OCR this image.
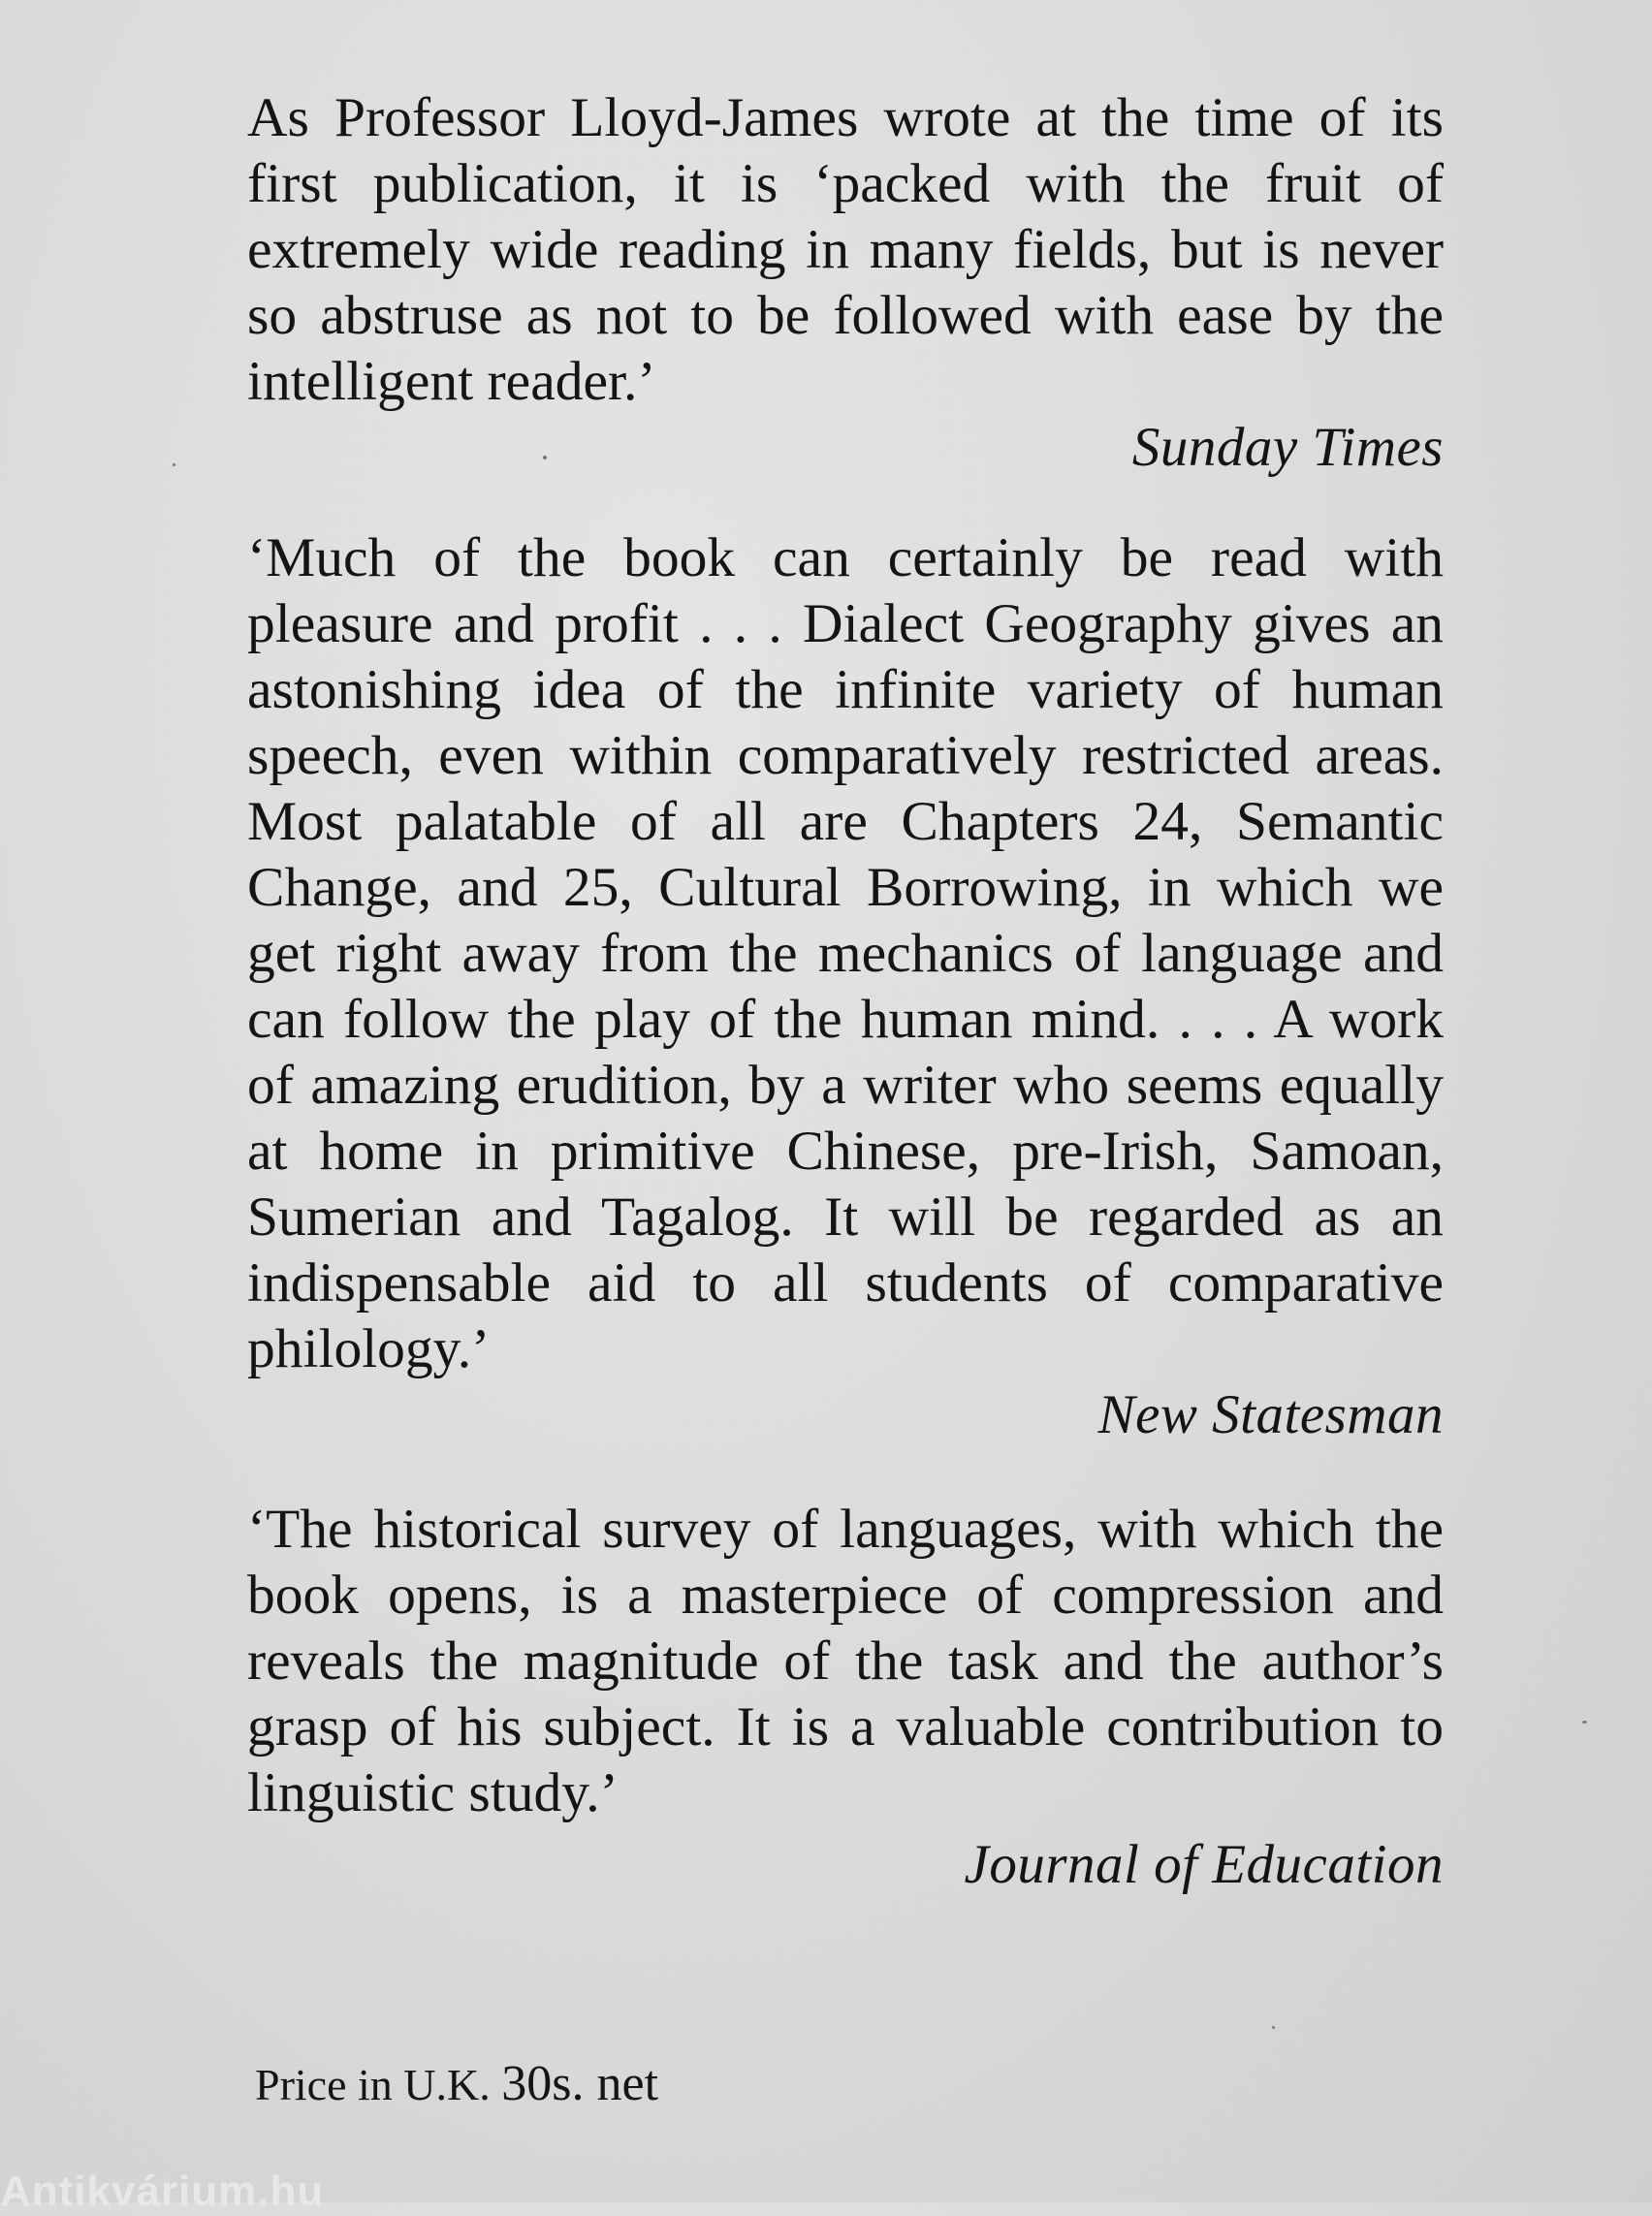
As Professor Lloyd-James wrote at the time of its first publication, it is ‘packed with the fruit of extremely wide reading in many fields, but is never so abstruse as not to be followed with ease by the intelligent reader.’

Sunday Times

‘Much of the book can certainly be read with pleasure and profit . . . Dialect Geography gives an astonishing idea of the infinite variety of human speech, even within comparatively restricted areas. Most palatable of all are Chapters 24, Semantic Change, and 25, Cultural Borrowing, in which we get right away from the mechanics of language and can follow the play of the human mind. . . . A work of amazing erudition, by a writer who seems equally at home in primitive Chinese, pre-Irish, Samoan, Sumerian and Tagalog. It will be regarded as an indispensable aid to all students of comparative philology.’

New Statesman

‘The historical survey of languages, with which the book opens, is a masterpiece of compression and reveals the magnitude of the task and the author’s grasp of his subject. It is a valuable contribution to linguistic study.’

Journal of Education

Price in U.K. 30s. net

Antikvárium.hu
